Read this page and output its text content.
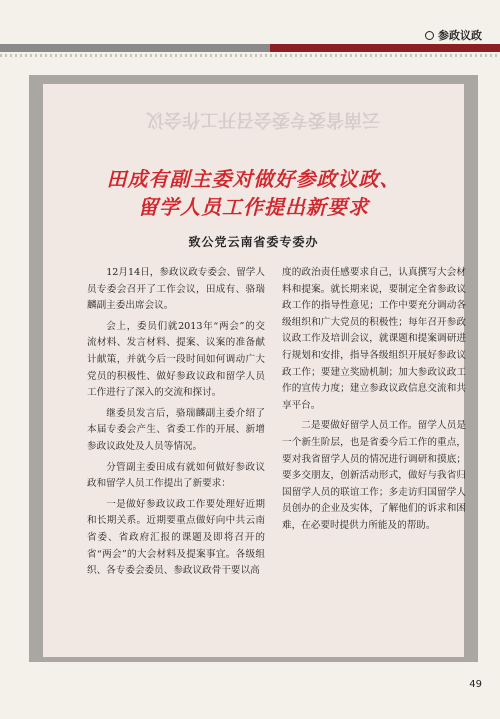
参政议政
云南省委专委会召开工作会议
田成有副主委对做好参政议政、
留学人员工作提出新要求
致公党云南省委专委办

12月14日，参政议政专委会、留学人员专委会召开了工作会议，田成有、骆瑞麟副主委出席会议。

会上，委员们就2013年“两会”的交流材料、发言材料、提案、议案的准备献计献策，并就今后一段时间如何调动广大党员的积极性、做好参政议政和留学人员工作进行了深入的交流和探讨。

继委员发言后，骆瑞麟副主委介绍了本届专委会产生、省委工作的开展、新增参政议政处及人员等情况。

分管副主委田成有就如何做好参政议政和留学人员工作提出了新要求：

一是做好参政议政工作要处理好近期和长期关系。近期要重点做好向中共云南省委、省政府汇报的课题及即将召开的省“两会”的大会材料及提案事宜。各级组织、各专委会委员、参政议政骨干要以高

度的政治责任感要求自己，认真撰写大会材料和提案。就长期来说，要制定全省参政议政工作的指导性意见；工作中要充分调动各级组织和广大党员的积极性；每年召开参政议政工作及培训会议，就课题和提案调研进行规划和安排，指导各级组织开展好参政议政工作；要建立奖励机制；加大参政议政工作的宣传力度；建立参政议政信息交流和共享平台。

二是要做好留学人员工作。留学人员是一个新生阶层，也是省委今后工作的重点，要对我省留学人员的情况进行调研和摸底；要多交朋友，创新活动形式，做好与我省归国留学人员的联谊工作；多走访归国留学人员创办的企业及实体，了解他们的诉求和困难，在必要时提供力所能及的帮助。

49
